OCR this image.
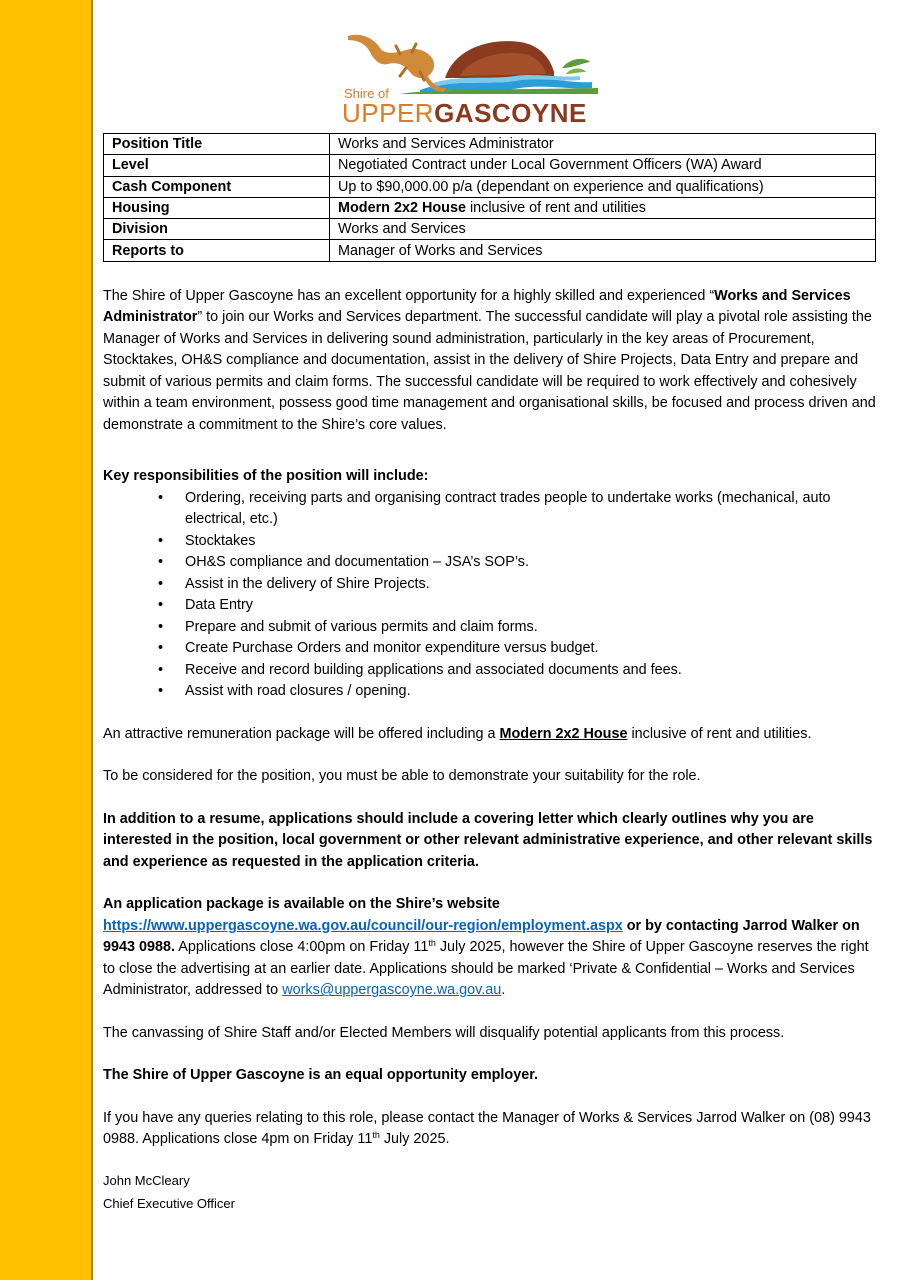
Shire of
UPPERGASCOYNE
Position Title	Works and Services Administrator
Level	Negotiated Contract under Local Government Officers (WA) Award
Cash Component	Up to $90,000.00 p/a (dependant on experience and qualifications)
Housing	Modern 2x2 House inclusive of rent and utilities
Division	Works and Services
Reports to	Manager of Works and Services

The Shire of Upper Gascoyne has an excellent opportunity for a highly skilled and experienced “Works and Services Administrator” to join our Works and Services department. The successful candidate will play a pivotal role assisting the Manager of Works and Services in delivering sound administration, particularly in the key areas of Procurement, Stocktakes, OH&S compliance and documentation, assist in the delivery of Shire Projects, Data Entry and prepare and submit of various permits and claim forms. The successful candidate will be required to work effectively and cohesively within a team environment, possess good time management and organisational skills, be focused and process driven and demonstrate a commitment to the Shire’s core values.

Key responsibilities of the position will include:

• Ordering, receiving parts and organising contract trades people to undertake works (mechanical, auto electrical, etc.)
• Stocktakes
• OH&S compliance and documentation – JSA’s SOP’s.
• Assist in the delivery of Shire Projects.
• Data Entry
• Prepare and submit of various permits and claim forms.
• Create Purchase Orders and monitor expenditure versus budget.
• Receive and record building applications and associated documents and fees.
• Assist with road closures / opening.

An attractive remuneration package will be offered including a Modern 2x2 House inclusive of rent and utilities.

To be considered for the position, you must be able to demonstrate your suitability for the role.

In addition to a resume, applications should include a covering letter which clearly outlines why you are interested in the position, local government or other relevant administrative experience, and other relevant skills and experience as requested in the application criteria.

An application package is available on the Shire’s website
https://www.uppergascoyne.wa.gov.au/council/our-region/employment.aspx or by contacting Jarrod Walker on 9943 0988. Applications close 4:00pm on Friday 11th July 2025, however the Shire of Upper Gascoyne reserves the right to close the advertising at an earlier date. Applications should be marked ‘Private & Confidential – Works and Services Administrator, addressed to works@uppergascoyne.wa.gov.au.

The canvassing of Shire Staff and/or Elected Members will disqualify potential applicants from this process.

The Shire of Upper Gascoyne is an equal opportunity employer.

If you have any queries relating to this role, please contact the Manager of Works & Services Jarrod Walker on (08) 9943 0988. Applications close 4pm on Friday 11th July 2025.

John McCleary
Chief Executive Officer
